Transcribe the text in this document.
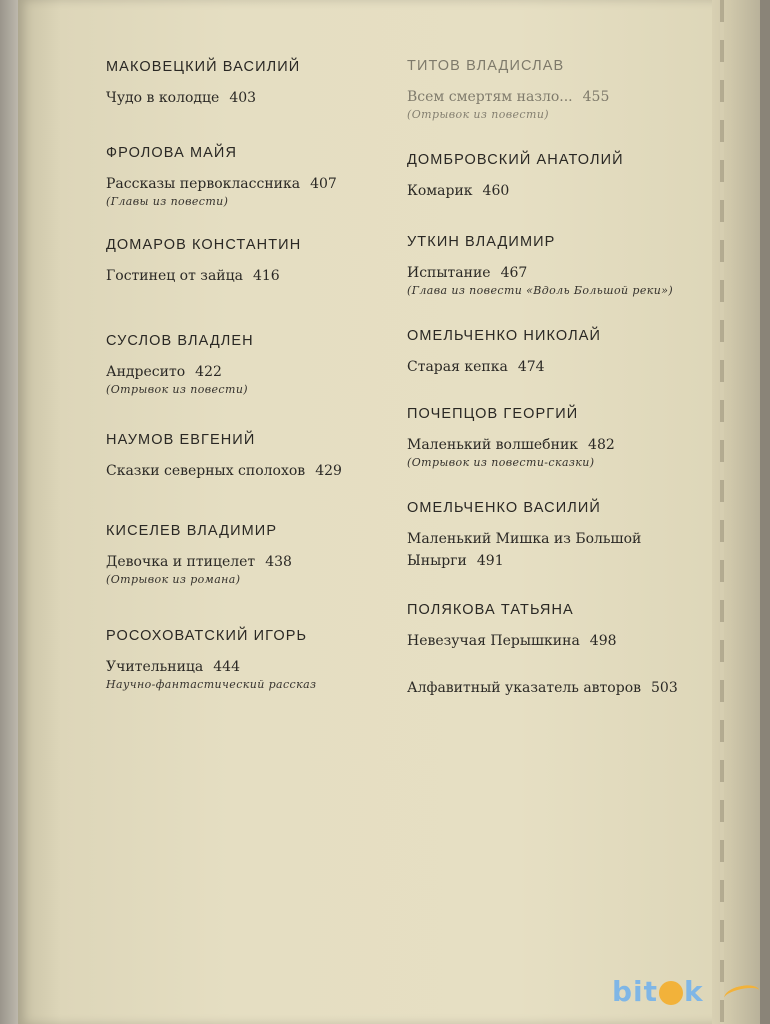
МАКОВЕЦКИЙ ВАСИЛИЙ
Чудо в колодце 403
ФРОЛОВА МАЙЯ
Рассказы первоклассника 407
(Главы из повести)
ДОМАРОВ КОНСТАНТИН
Гостинец от зайца 416
СУСЛОВ ВЛАДЛЕН
Андресито 422
(Отрывок из повести)
НАУМОВ ЕВГЕНИЙ
Сказки северных сполохов 429
КИСЕЛЕВ ВЛАДИМИР
Девочка и птицелет 438
(Отрывок из романа)
РОСОХОВАТСКИЙ ИГОРЬ
Учительница 444
Научно-фантастический рассказ
ТИТОВ ВЛАДИСЛАВ
Всем смертям назло... 455
(Отрывок из повести)
ДОМБРОВСКИЙ АНАТОЛИЙ
Комарик 460
УТКИН ВЛАДИМИР
Испытание 467
(Глава из повести «Вдоль Большой реки»)
ОМЕЛЬЧЕНКО НИКОЛАЙ
Старая кепка 474
ПОЧЕПЦОВ ГЕОРГИЙ
Маленький волшебник 482
(Отрывок из повести-сказки)
ОМЕЛЬЧЕНКО ВАСИЛИЙ
Маленький Мишка из Большой
Ынырги 491
ПОЛЯКОВА ТАТЬЯНА
Невезучая Перышкина 498
Алфавитный указатель авторов 503
bit k
